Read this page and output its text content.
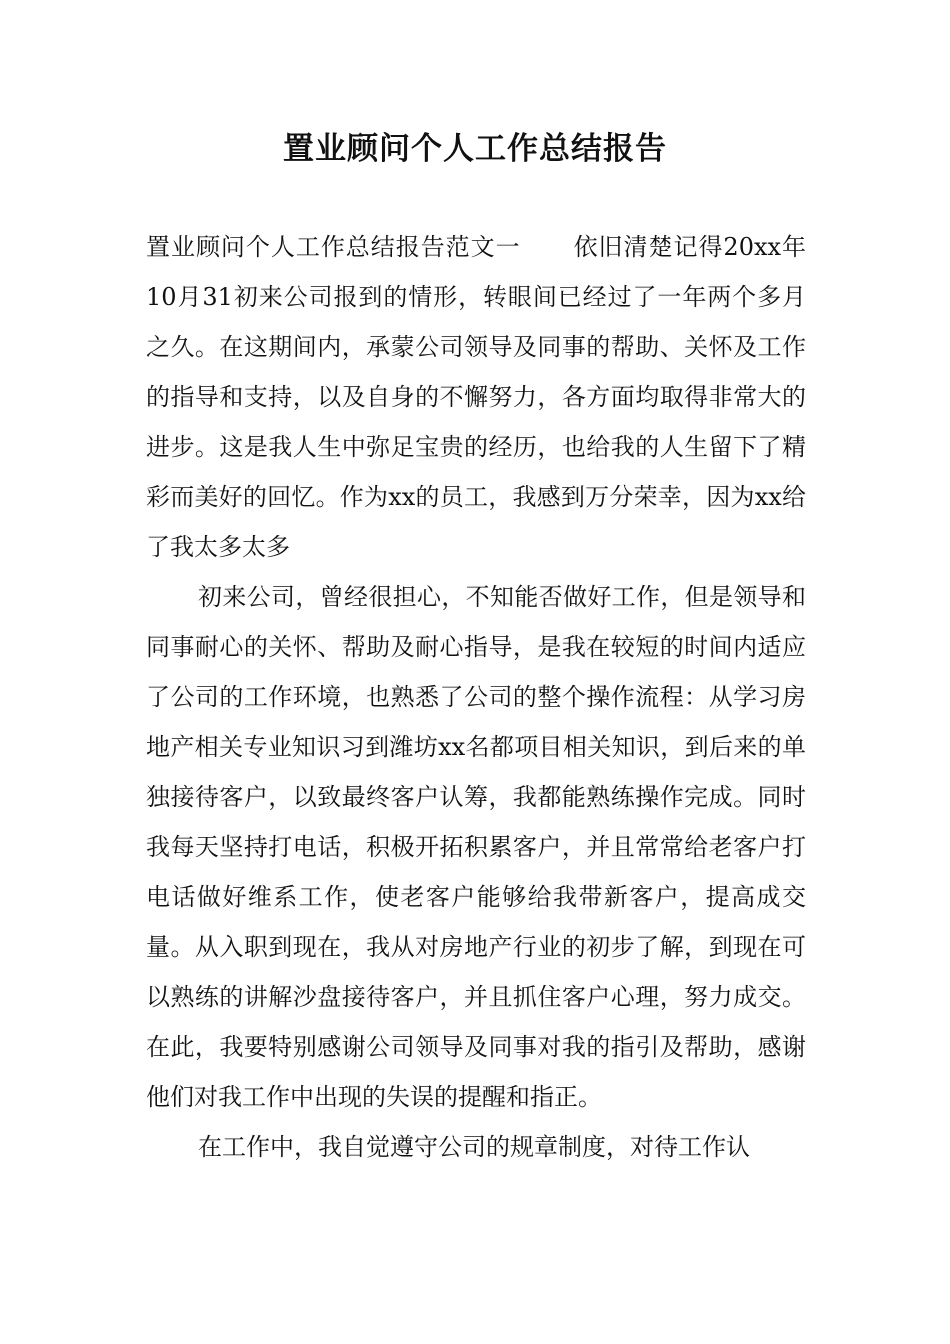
置业顾问个人工作总结报告

置业顾问个人工作总结报告范文一 依旧清楚记得20xx年10月31初来公司报到的情形，转眼间已经过了一年两个多月之久。在这期间内，承蒙公司领导及同事的帮助、关怀及工作的指导和支持，以及自身的不懈努力，各方面均取得非常大的进步。这是我人生中弥足宝贵的经历，也给我的人生留下了精彩而美好的回忆。作为xx的员工，我感到万分荣幸，因为xx给了我太多太多

初来公司，曾经很担心，不知能否做好工作，但是领导和同事耐心的关怀、帮助及耐心指导，是我在较短的时间内适应了公司的工作环境，也熟悉了公司的整个操作流程：从学习房地产相关专业知识习到潍坊xx名都项目相关知识，到后来的单独接待客户，以致最终客户认筹，我都能熟练操作完成。同时我每天坚持打电话，积极开拓积累客户，并且常常给老客户打电话做好维系工作，使老客户能够给我带新客户，提高成交量。从入职到现在，我从对房地产行业的初步了解，到现在可以熟练的讲解沙盘接待客户，并且抓住客户心理，努力成交。在此，我要特别感谢公司领导及同事对我的指引及帮助，感谢他们对我工作中出现的失误的提醒和指正。

在工作中，我自觉遵守公司的规章制度，对待工作认
